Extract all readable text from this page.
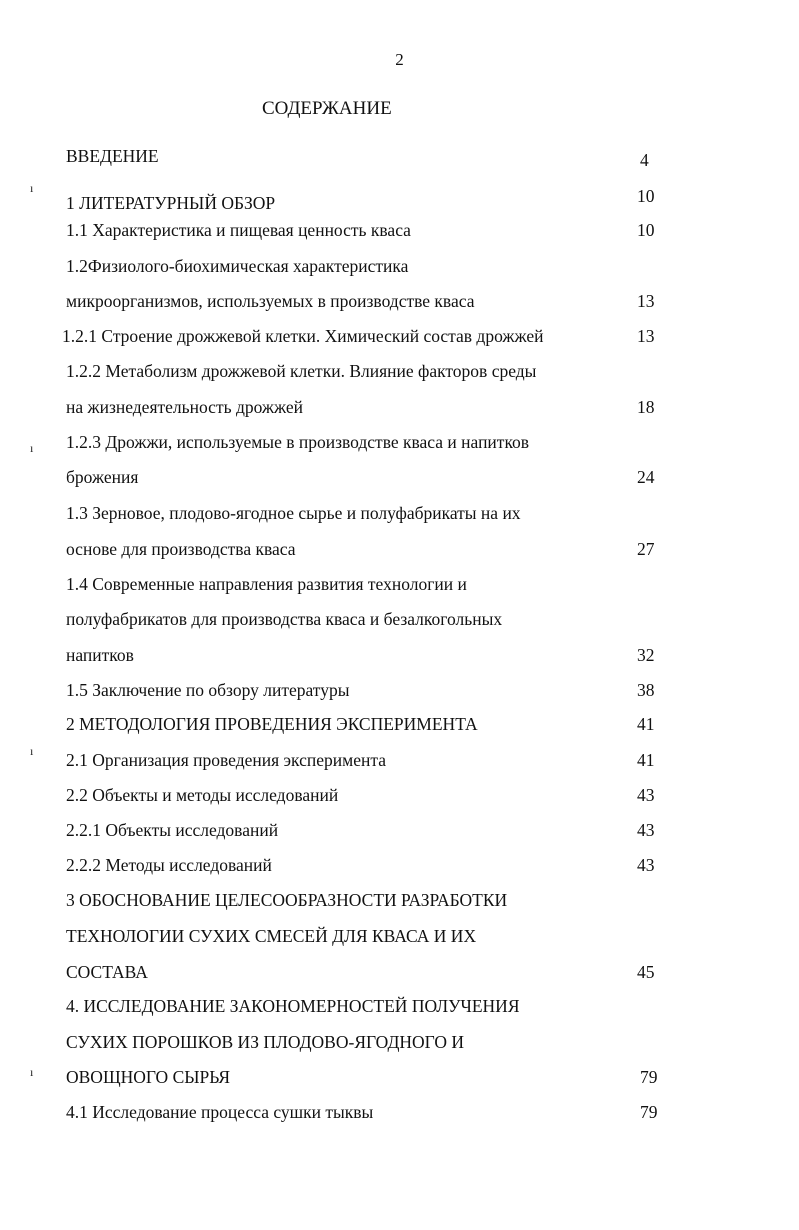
2
СОДЕРЖАНИЕ
ı
ı
ı
ı
ВВЕДЕНИЕ	4
1 ЛИТЕРАТУРНЫЙ ОБЗОР	10
1.1 Характеристика и пищевая ценность кваса	10
1.2Физиолого-биохимическая характеристика
микроорганизмов, используемых в производстве кваса	13
1.2.1 Строение дрожжевой клетки. Химический состав дрожжей	13
1.2.2 Метаболизм дрожжевой клетки. Влияние факторов среды
на жизнедеятельность дрожжей	18
1.2.3 Дрожжи, используемые в производстве кваса и напитков
брожения	24
1.3 Зерновое, плодово-ягодное сырье и полуфабрикаты на их
основе для производства кваса	27
1.4 Современные направления развития технологии и
полуфабрикатов для производства кваса и безалкогольных
напитков	32
1.5 Заключение по обзору литературы	38
2 МЕТОДОЛОГИЯ ПРОВЕДЕНИЯ ЭКСПЕРИМЕНТА	41
2.1 Организация проведения эксперимента	41
2.2 Объекты и методы исследований	43
2.2.1 Объекты исследований	43
2.2.2 Методы исследований	43
3 ОБОСНОВАНИЕ ЦЕЛЕСООБРАЗНОСТИ РАЗРАБОТКИ
ТЕХНОЛОГИИ СУХИХ СМЕСЕЙ ДЛЯ КВАСА И ИХ
СОСТАВА	45
4. ИССЛЕДОВАНИЕ ЗАКОНОМЕРНОСТЕЙ ПОЛУЧЕНИЯ
СУХИХ ПОРОШКОВ ИЗ ПЛОДОВО-ЯГОДНОГО И
ОВОЩНОГО СЫРЬЯ	79
4.1 Исследование процесса сушки тыквы	79
